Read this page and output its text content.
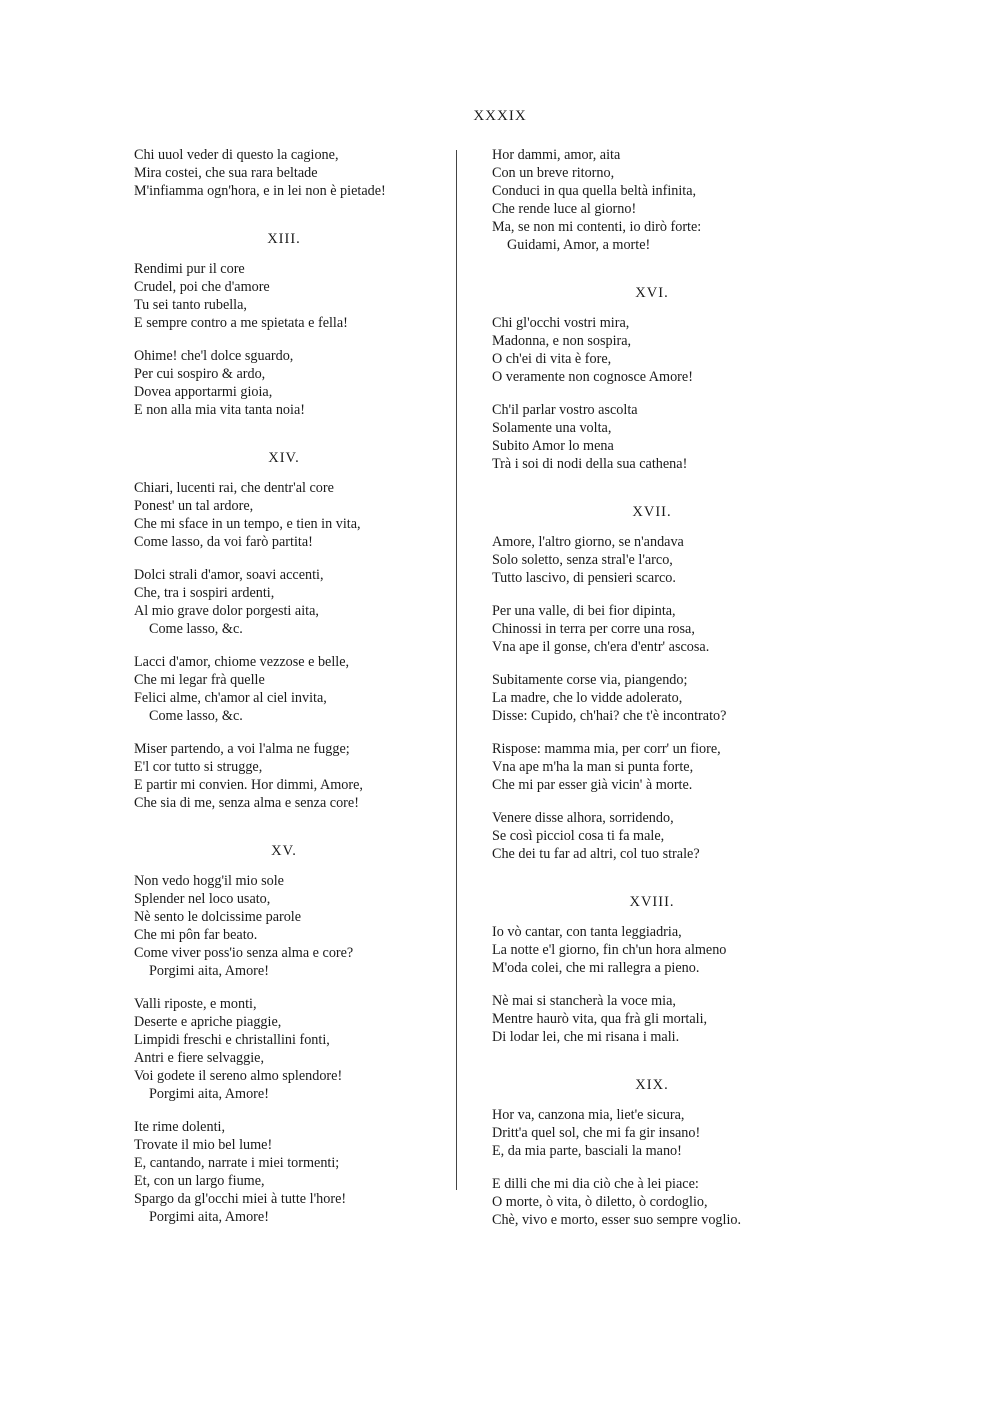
XXXIX
Chi uuol veder di questo la cagione,
Mira costei, che sua rara beltade
M'infiamma ogn'hora, e in lei non è pietade!
XIII.
Rendimi pur il core
Crudel, poi che d'amore
Tu sei tanto rubella,
E sempre contro a me spietata e fella!
Ohime! che'l dolce sguardo,
Per cui sospiro & ardo,
Dovea apportarmi gioia,
E non alla mia vita tanta noia!
XIV.
Chiari, lucenti rai, che dentr'al core
Ponest' un tal ardore,
Che mi sface in un tempo, e tien in vita,
Come lasso, da voi farò partita!
Dolci strali d'amor, soavi accenti,
Che, tra i sospiri ardenti,
Al mio grave dolor porgesti aita,
Come lasso, &c.
Lacci d'amor, chiome vezzose e belle,
Che mi legar frà quelle
Felici alme, ch'amor al ciel invita,
Come lasso, &c.
Miser partendo, a voi l'alma ne fugge;
E'l cor tutto si strugge,
E partir mi convien. Hor dimmi, Amore,
Che sia di me, senza alma e senza core!
XV.
Non vedo hogg'il mio sole
Splender nel loco usato,
Nè sento le dolcissime parole
Che mi pôn far beato.
Come viver poss'io senza alma e core?
Porgimi aita, Amore!
Valli riposte, e monti,
Deserte e apriche piaggie,
Limpidi freschi e christallini fonti,
Antri e fiere selvaggie,
Voi godete il sereno almo splendore!
Porgimi aita, Amore!
Ite rime dolenti,
Trovate il mio bel lume!
E, cantando, narrate i miei tormenti;
Et, con un largo fiume,
Spargo da gl'occhi miei à tutte l'hore!
Porgimi aita, Amore!
Hor dammi, amor, aita
Con un breve ritorno,
Conduci in qua quella beltà infinita,
Che rende luce al giorno!
Ma, se non mi contenti, io dirò forte:
Guidami, Amor, a morte!
XVI.
Chi gl'occhi vostri mira,
Madonna, e non sospira,
O ch'ei di vita è fore,
O veramente non cognosce Amore!
Ch'il parlar vostro ascolta
Solamente una volta,
Subito Amor lo mena
Trà i soi di nodi della sua cathena!
XVII.
Amore, l'altro giorno, se n'andava
Solo soletto, senza stral'e l'arco,
Tutto lascivo, di pensieri scarco.
Per una valle, di bei fior dipinta,
Chinossi in terra per corre una rosa,
Vna ape il gonse, ch'era d'entr' ascosa.
Subitamente corse via, piangendo;
La madre, che lo vidde adolerato,
Disse: Cupido, ch'hai? che t'è incontrato?
Rispose: mamma mia, per corr' un fiore,
Vna ape m'ha la man si punta forte,
Che mi par esser già vicin' à morte.
Venere disse alhora, sorridendo,
Se così picciol cosa ti fa male,
Che dei tu far ad altri, col tuo strale?
XVIII.
Io vò cantar, con tanta leggiadria,
La notte e'l giorno, fin ch'un hora almeno
M'oda colei, che mi rallegra a pieno.
Nè mai si stancherà la voce mia,
Mentre haurò vita, qua frà gli mortali,
Di lodar lei, che mi risana i mali.
XIX.
Hor va, canzona mia, liet'e sicura,
Dritt'a quel sol, che mi fa gir insano!
E, da mia parte, basciali la mano!
E dilli che mi dia ciò che à lei piace:
O morte, ò vita, ò diletto, ò cordoglio,
Chè, vivo e morto, esser suo sempre voglio.
